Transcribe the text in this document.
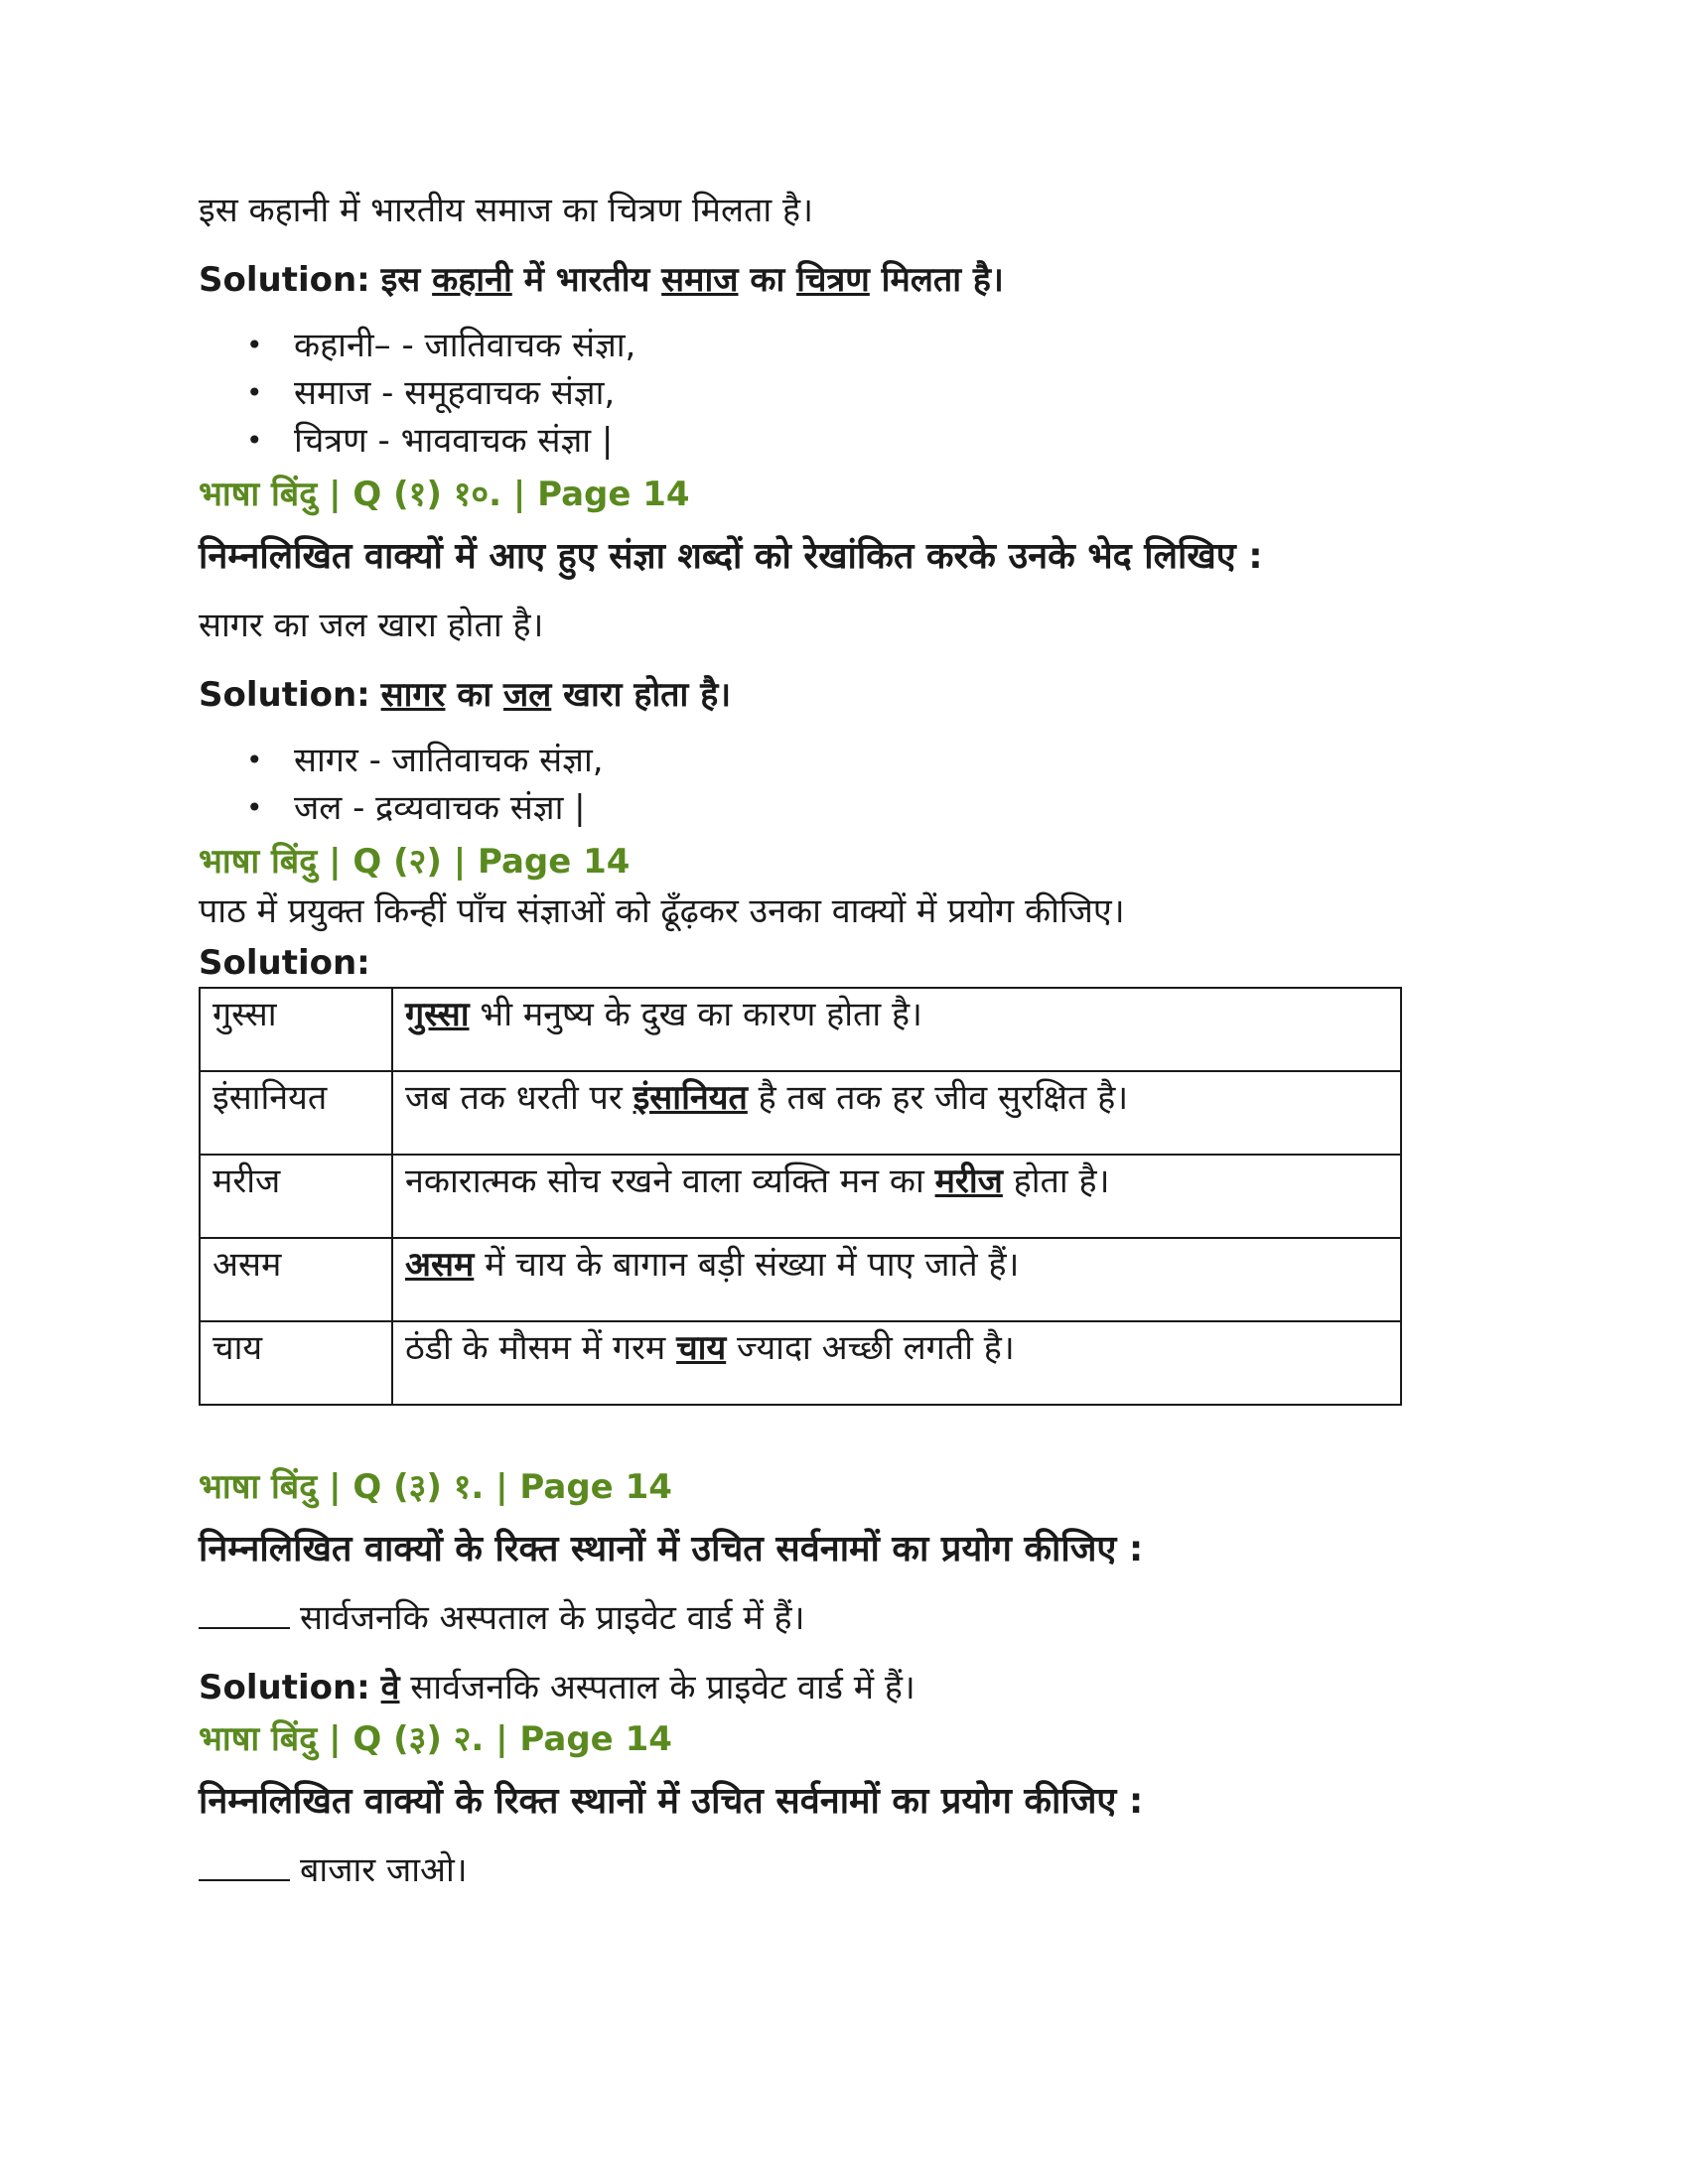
इस कहानी में भारतीय समाज का चित्रण मिलता है।

Solution: इस कहानी में भारतीय समाज का चित्रण मिलता है।

• कहानी– - जातिवाचक संज्ञा,
• समाज - समूहवाचक संज्ञा,
• चित्रण - भाववाचक संज्ञा |

भाषा बिंदु | Q (१) १०. | Page 14

निम्नलिखित वाक्यों में आए हुए संज्ञा शब्दों को रेखांकित करके उनके भेद लिखिए :

सागर का जल खारा होता है।

Solution: सागर का जल खारा होता है।

• सागर - जातिवाचक संज्ञा,
• जल - द्रव्यवाचक संज्ञा |

भाषा बिंदु | Q (२) | Page 14

पाठ में प्रयुक्त किन्हीं पाँच संज्ञाओं को ढूँढ़कर उनका वाक्यों में प्रयोग कीजिए।

Solution:

गुस्सा	गुस्सा भी मनुष्य के दुख का कारण होता है।
इंसानियत	जब तक धरती पर इंसानियत है तब तक हर जीव सुरक्षित है।
मरीज	नकारात्मक सोच रखने वाला व्यक्ति मन का मरीज होता है।
असम	असम में चाय के बागान बड़ी संख्या में पाए जाते हैं।
चाय	ठंडी के मौसम में गरम चाय ज्यादा अच्छी लगती है।

भाषा बिंदु | Q (३) १. | Page 14

निम्नलिखित वाक्यों के रिक्त स्थानों में उचित सर्वनामों का प्रयोग कीजिए :

सार्वजनकि अस्पताल के प्राइवेट वार्ड में हैं।

Solution: वे सार्वजनकि अस्पताल के प्राइवेट वार्ड में हैं।

भाषा बिंदु | Q (३) २. | Page 14

निम्नलिखित वाक्यों के रिक्त स्थानों में उचित सर्वनामों का प्रयोग कीजिए :

बाजार जाओ।
